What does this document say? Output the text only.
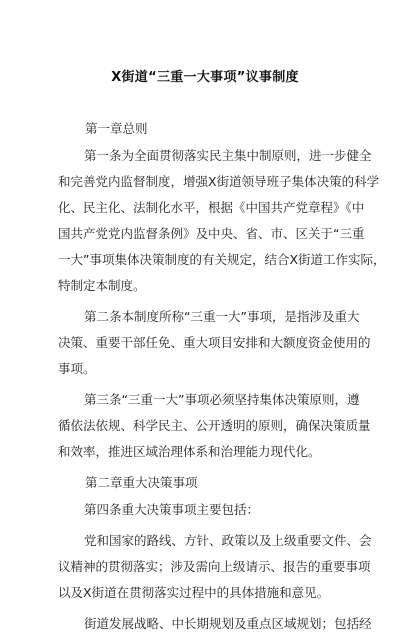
X街道“三重一大事项”议事制度
第一章总则
第一条为全面贯彻落实民主集中制原则，进一步健全
和完善党内监督制度，增强X街道领导班子集体决策的科学
化、民主化、法制化水平，根据《中国共产党章程》《中
国共产党党内监督条例》及中央、省、市、区关于“三重
一大”事项集体决策制度的有关规定，结合X街道工作实际，
特制定本制度。
第二条本制度所称“三重一大”事项，是指涉及重大
决策、重要干部任免、重大项目安排和大额度资金使用的
事项。
第三条“三重一大”事项必须坚持集体决策原则，遵
循依法依规、科学民主、公开透明的原则，确保决策质量
和效率，推进区域治理体系和治理能力现代化。
第二章重大决策事项
第四条重大决策事项主要包括：
党和国家的路线、方针、政策以及上级重要文件、会
议精神的贯彻落实；涉及需向上级请示、报告的重要事项
以及X街道在贯彻落实过程中的具体措施和意见。
街道发展战略、中长期规划及重点区域规划；包括经
